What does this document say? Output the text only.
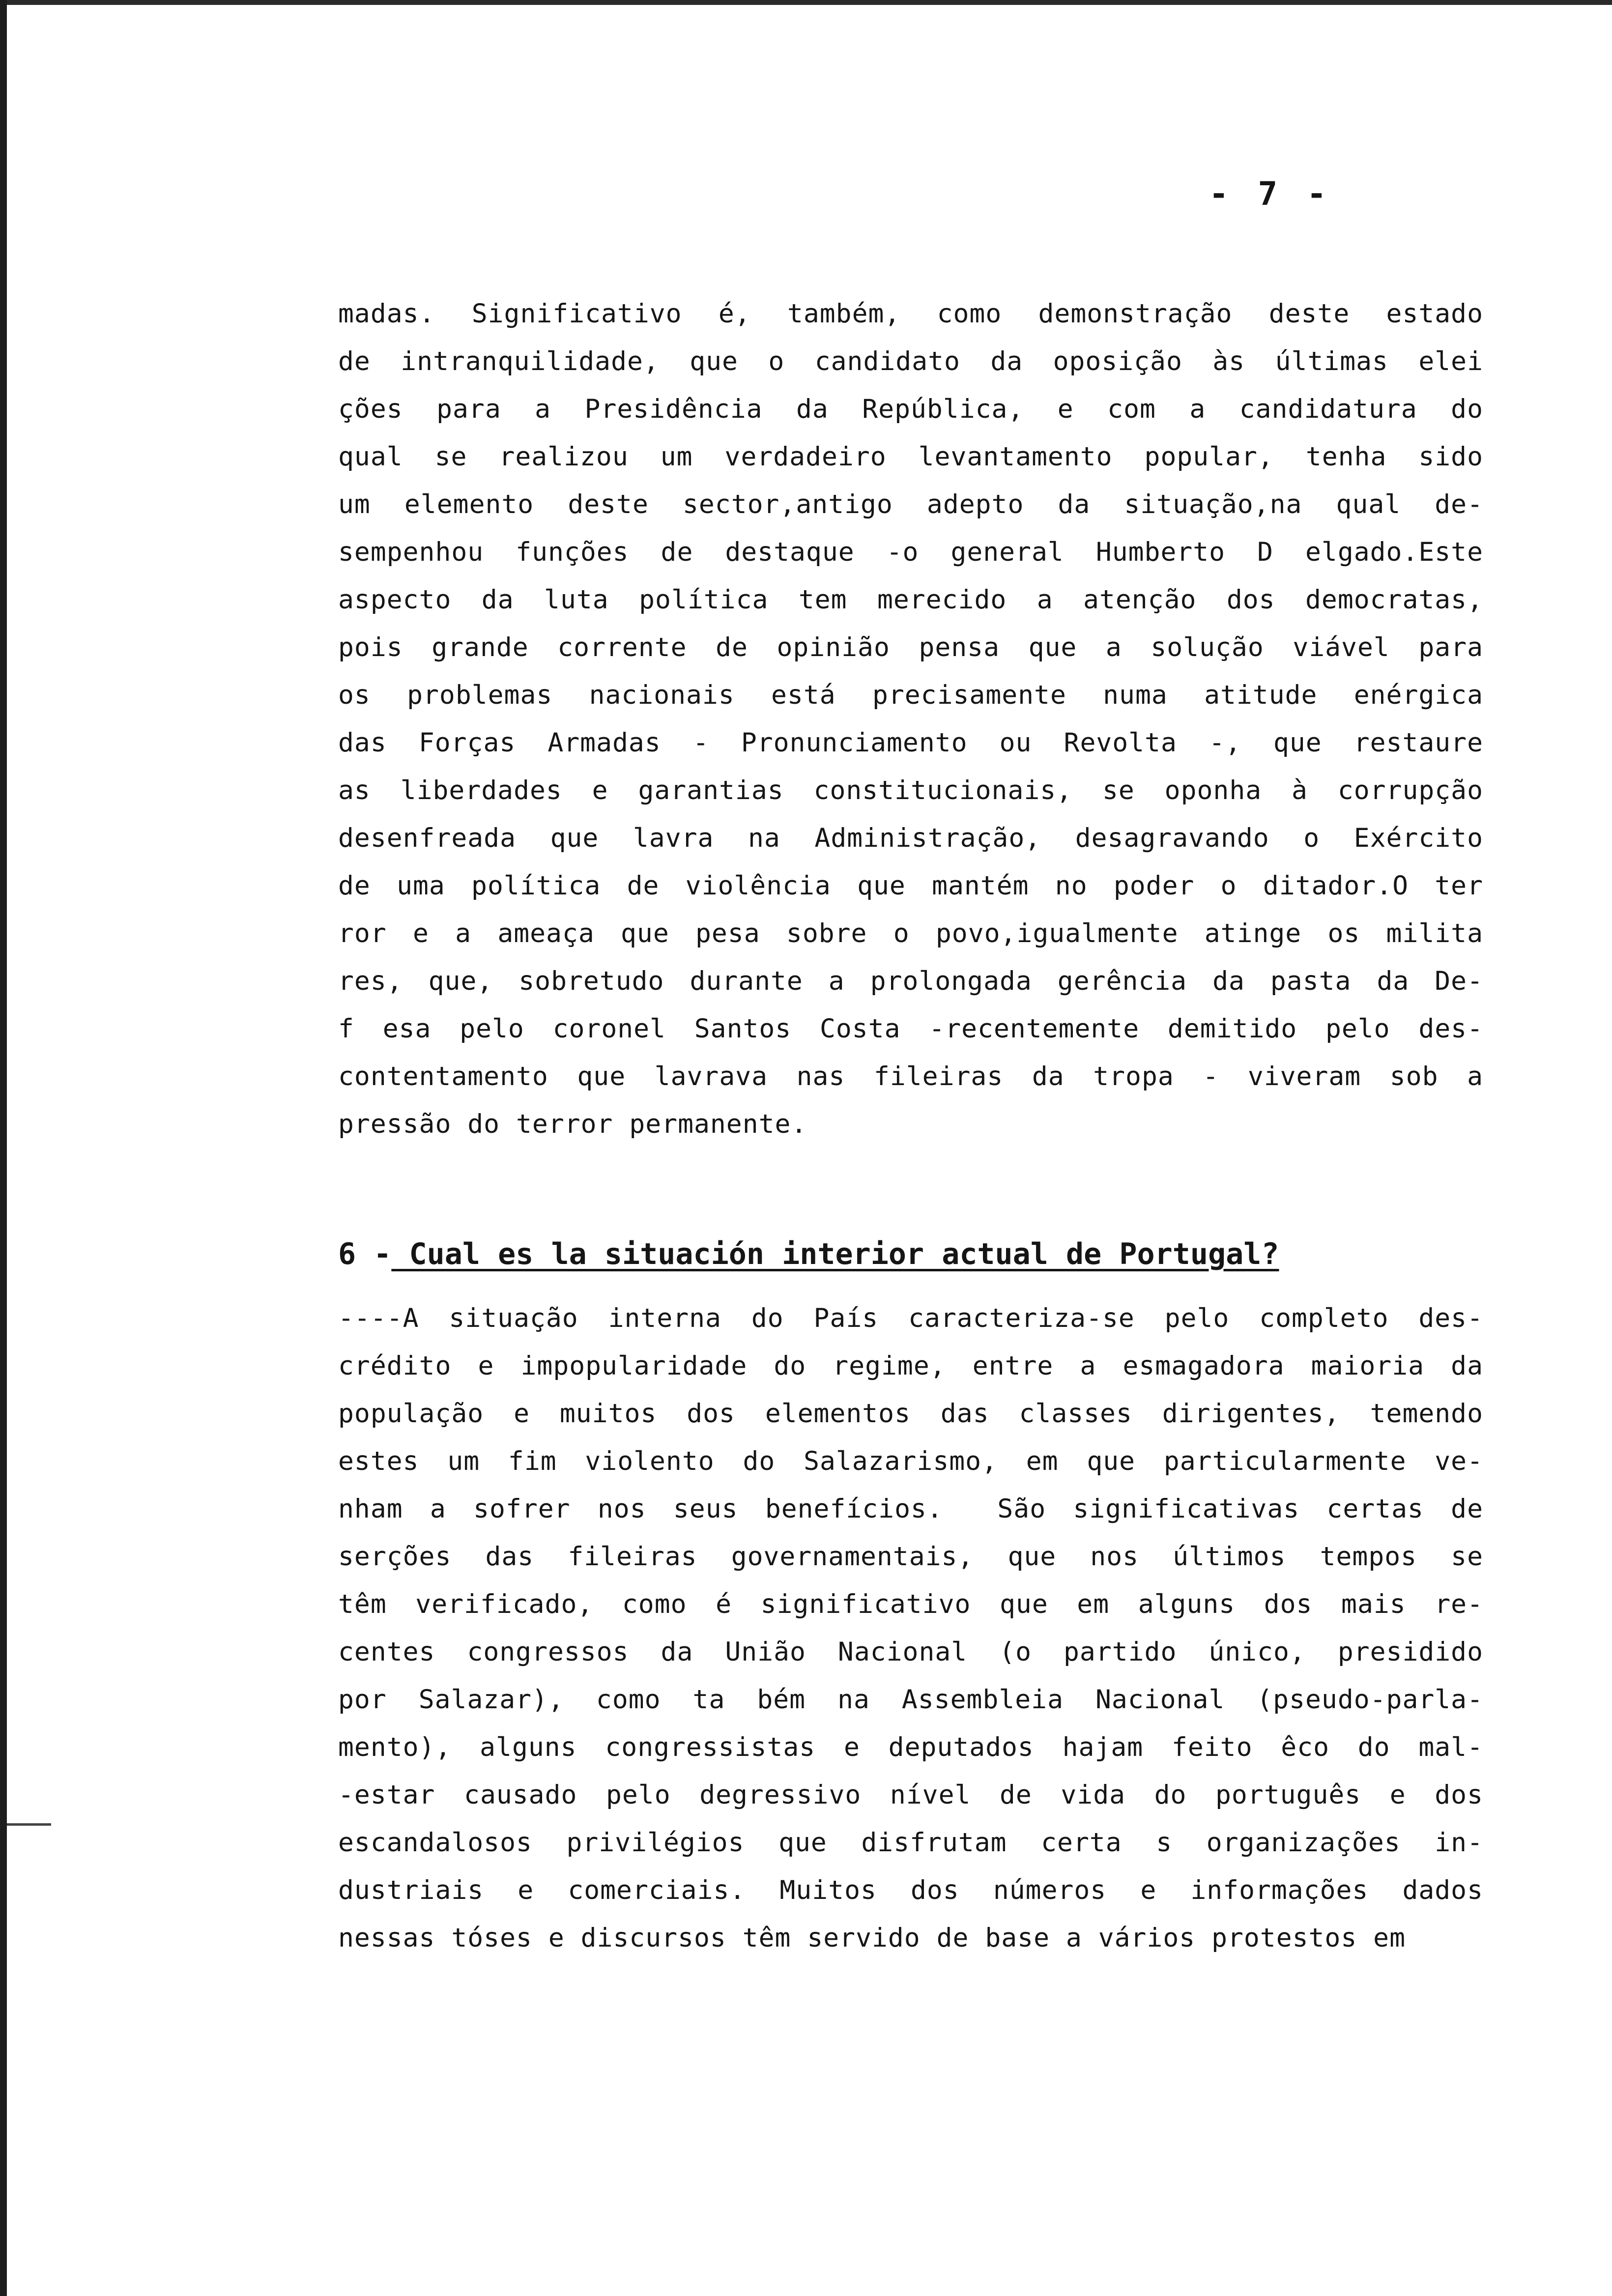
- 7 -
madas. Significativo é, também, como demonstração deste estado
de intranquilidade, que o candidato da oposição às últimas elei
ções para a Presidência da República, e com a candidatura do
qual se realizou um verdadeiro levantamento popular, tenha sido
um elemento deste sector,antigo adepto da situação,na qual de-
sempenhou funções de destaque -o general Humberto D elgado.Este
aspecto da luta política tem merecido a atenção dos democratas,
pois grande corrente de opinião pensa que a solução viável para
os problemas nacionais está precisamente numa atitude enérgica
das Forças Armadas - Pronunciamento ou Revolta -, que restaure
as liberdades e garantias constitucionais, se oponha à corrupção
desenfreada que lavra na Administração, desagravando o Exército
de uma política de violência que mantém no poder o ditador.O ter
ror e a ameaça que pesa sobre o povo,igualmente atinge os milita
res, que, sobretudo durante a prolongada gerência da pasta da De-
f esa pelo coronel Santos Costa -recentemente demitido pelo des-
contentamento que lavrava nas fileiras da tropa - viveram sob a
pressão do terror permanente.
6 - Cual es la situación interior actual de Portugal?
----A situação interna do País caracteriza-se pelo completo des-
crédito e impopularidade do regime, entre a esmagadora maioria da
população e muitos dos elementos das classes dirigentes, temendo
estes um fim violento do Salazarismo, em que particularmente ve-
nham a sofrer nos seus benefícios.  São significativas certas de
serções das fileiras governamentais, que nos últimos tempos se
têm verificado, como é significativo que em alguns dos mais re-
centes congressos da União Nacional (o partido único, presidido
por Salazar), como ta bém na Assembleia Nacional (pseudo-parla-
mento), alguns congressistas e deputados hajam feito êco do mal-
-estar causado pelo degressivo nível de vida do português e dos
escandalosos privilégios que disfrutam certa s organizações in-
dustriais e comerciais. Muitos dos números e informações dados
nessas tóses e discursos têm servido de base a vários protestos em
